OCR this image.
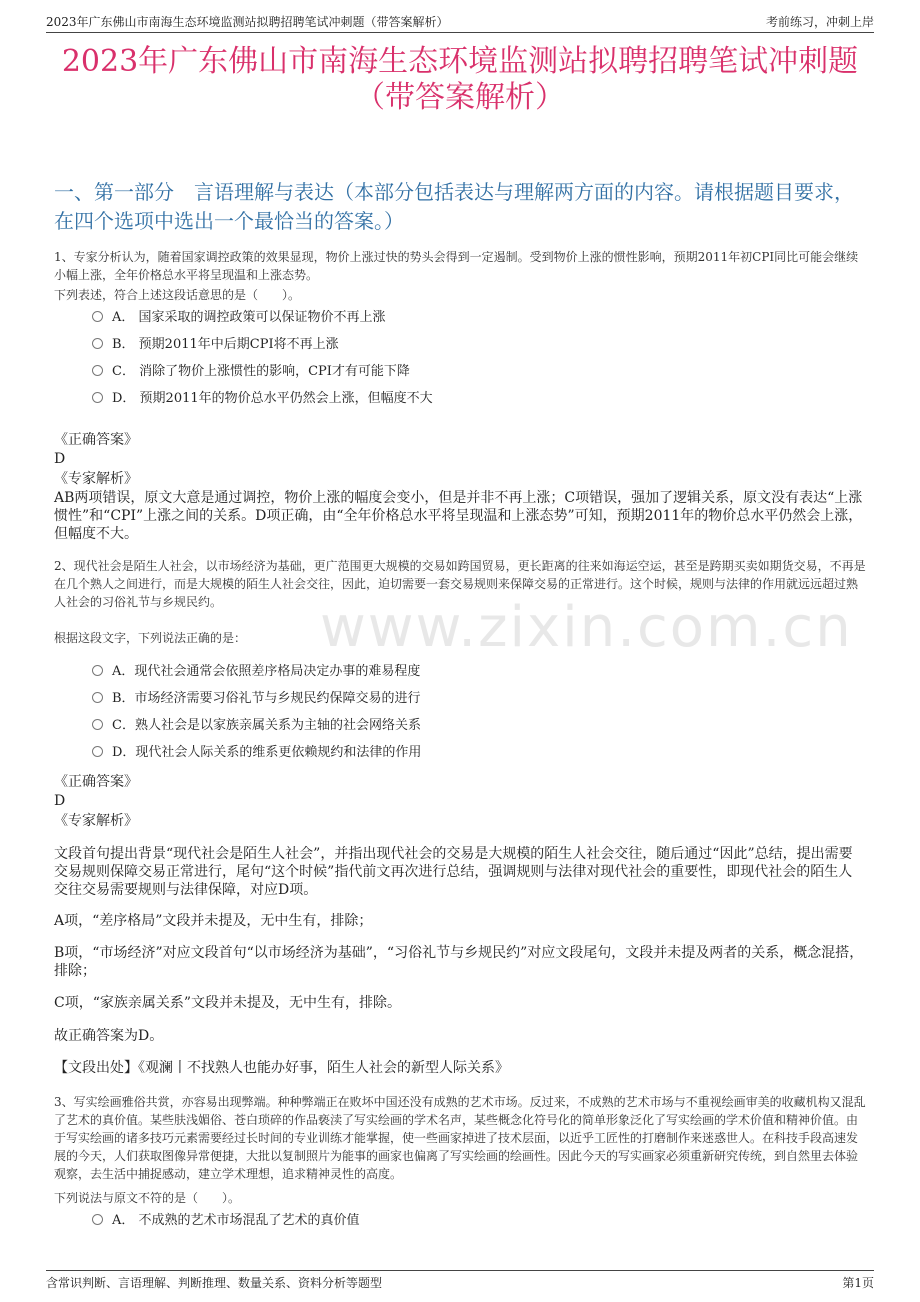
2023年广东佛山市南海生态环境监测站拟聘招聘笔试冲刺题（带答案解析）	考前练习，冲刺上岸
2023年广东佛山市南海生态环境监测站拟聘招聘笔试冲刺题
（带答案解析）
一、第一部分　言语理解与表达（本部分包括表达与理解两方面的内容。请根据题目要求，在四个选项中选出一个最恰当的答案。）
www.zixin.com.cn
1、专家分析认为，随着国家调控政策的效果显现，物价上涨过快的势头会得到一定遏制。受到物价上涨的惯性影响，预期2011年初CPI同比可能会继续小幅上涨，全年价格总水平将呈现温和上涨态势。
下列表述，符合上述这段话意思的是（　　）。
A． 国家采取的调控政策可以保证物价不再上涨
B． 预期2011年中后期CPI将不再上涨
C． 消除了物价上涨惯性的影响，CPI才有可能下降
D． 预期2011年的物价总水平仍然会上涨，但幅度不大
《正确答案》
D
《专家解析》
AB两项错误，原文大意是通过调控，物价上涨的幅度会变小，但是并非不再上涨；C项错误，强加了逻辑关系，原文没有表达“上涨惯性”和“CPI”上涨之间的关系。D项正确，由“全年价格总水平将呈现温和上涨态势”可知，预期2011年的物价总水平仍然会上涨，但幅度不大。
2、现代社会是陌生人社会，以市场经济为基础，更广范围更大规模的交易如跨国贸易，更长距离的往来如海运空运，甚至是跨期买卖如期货交易，不再是在几个熟人之间进行，而是大规模的陌生人社会交往，因此，迫切需要一套交易规则来保障交易的正常进行。这个时候，规则与法律的作用就远远超过熟人社会的习俗礼节与乡规民约。
根据这段文字，下列说法正确的是：
A．现代社会通常会依照差序格局决定办事的难易程度
B．市场经济需要习俗礼节与乡规民约保障交易的进行
C．熟人社会是以家族亲属关系为主轴的社会网络关系
D．现代社会人际关系的维系更依赖规约和法律的作用
《正确答案》
D
《专家解析》
文段首句提出背景“现代社会是陌生人社会”，并指出现代社会的交易是大规模的陌生人社会交往，随后通过“因此”总结，提出需要交易规则保障交易正常进行，尾句“这个时候”指代前文再次进行总结，强调规则与法律对现代社会的重要性，即现代社会的陌生人交往交易需要规则与法律保障，对应D项。
A项，“差序格局”文段并未提及，无中生有，排除；
B项，“市场经济”对应文段首句“以市场经济为基础”，“习俗礼节与乡规民约”对应文段尾句，文段并未提及两者的关系，概念混搭，排除；
C项，“家族亲属关系”文段并未提及，无中生有，排除。
故正确答案为D。
【文段出处】《观澜丨不找熟人也能办好事，陌生人社会的新型人际关系》
3、写实绘画雅俗共赏，亦容易出现弊端。种种弊端正在败坏中国还没有成熟的艺术市场。反过来，不成熟的艺术市场与不重视绘画审美的收藏机构又混乱了艺术的真价值。某些肤浅媚俗、苍白琐碎的作品亵渎了写实绘画的学术名声，某些概念化符号化的简单形象泛化了写实绘画的学术价值和精神价值。由于写实绘画的诸多技巧元素需要经过长时间的专业训练才能掌握，使一些画家掉进了技术层面，以近乎工匠性的打磨制作来迷惑世人。在科技手段高速发展的今天，人们获取图像异常便捷，大批以复制照片为能事的画家也偏离了写实绘画的绘画性。因此今天的写实画家必须重新研究传统，到自然里去体验观察，去生活中捕捉感动，建立学术理想，追求精神灵性的高度。
下列说法与原文不符的是（　　）。
A． 不成熟的艺术市场混乱了艺术的真价值
含常识判断、言语理解、判断推理、数量关系、资料分析等题型	第1页
